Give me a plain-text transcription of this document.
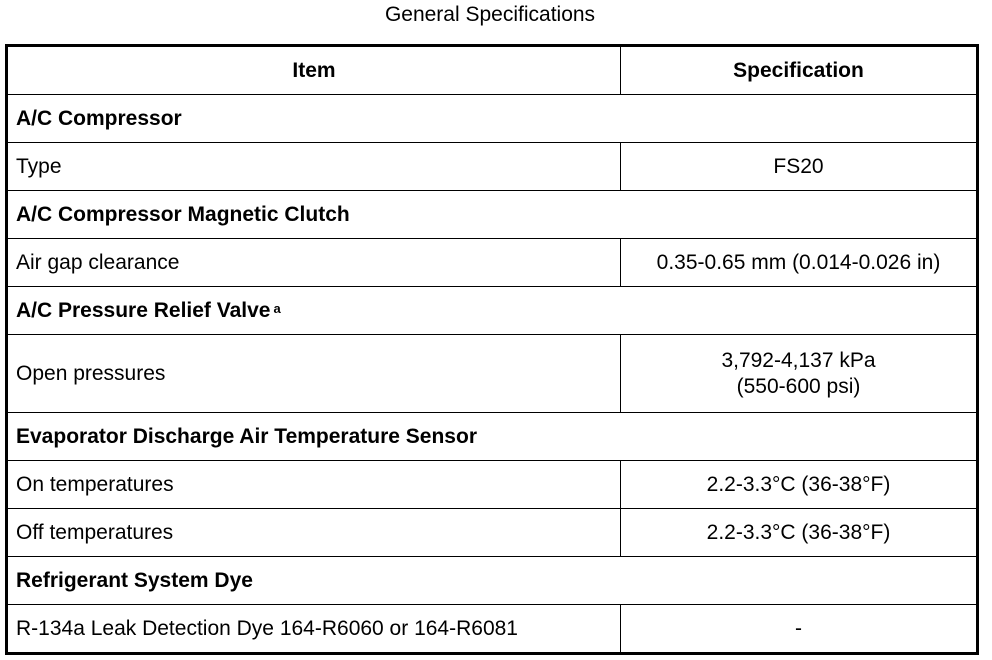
General Specifications
Item	Specification
A/C Compressor	
Type	FS20
A/C Compressor Magnetic Clutch	
Air gap clearance	0.35-0.65 mm (0.014-0.026 in)
A/C Pressure Relief Valve $^a$
Open pressures	3,792-4,137 kPa
(550-600 psi)

Evaporator Discharge Air Temperature Sensor	
On temperatures	2.2-3.3°C (36-38°F)
Off temperatures	2.2-3.3°C (36-38°F)
Refrigerant System Dye	
R-134a Leak Detection Dye 164-R6060 or 164-R6081	-
